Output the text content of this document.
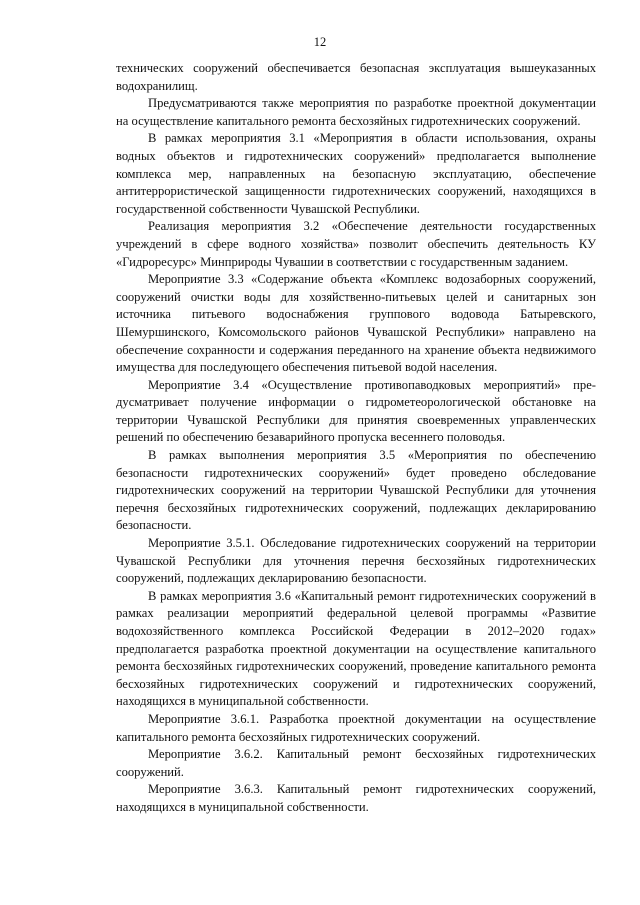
12

технических сооружений обеспечивается безопасная эксплуатация вышеуказанных водохранилищ.

Предусматриваются также мероприятия по разработке проектной документации на осуществление капитального ремонта бесхозяйных гидротехнических сооружений.

В рамках мероприятия 3.1 «Мероприятия в области использования, охраны водных объектов и гидротехнических сооружений» предполагается выполнение комплекса мер, направленных на безопасную эксплуатацию, обеспечение антитеррористической защищенности гидротехнических сооружений, находящихся в государственной собственности Чувашской Республики.

Реализация мероприятия 3.2 «Обеспечение деятельности государственных учреждений в сфере водного хозяйства» позволит обеспечить деятельность КУ «Гидроресурс» Минприроды Чувашии в соответствии с государственным заданием.

Мероприятие 3.3 «Содержание объекта «Комплекс водозаборных сооружений, сооружений очистки воды для хозяйственно-питьевых целей и санитарных зон источника питьевого водоснабжения группового водовода Батыревского, Шемуршинского, Комсомольского районов Чувашской Республики» направлено на обеспечение сохранности и содержания переданного на хранение объекта недвижимого имущества для последующего обеспечения питьевой водой населения.

Мероприятие 3.4 «Осуществление противопаводковых мероприятий» предусматривает получение информации о гидрометеорологической обстановке на территории Чувашской Республики для принятия своевременных управленческих решений по обеспечению безаварийного пропуска весеннего половодья.

В рамках выполнения мероприятия 3.5 «Мероприятия по обеспечению безопасности гидротехнических сооружений» будет проведено обследование гидротехнических сооружений на территории Чувашской Республики для уточнения перечня бесхозяйных гидротехнических сооружений, подлежащих декларированию безопасности.

Мероприятие 3.5.1. Обследование гидротехнических сооружений на территории Чувашской Республики для уточнения перечня бесхозяйных гидротехнических сооружений, подлежащих декларированию безопасности.

В рамках мероприятия 3.6 «Капитальный ремонт гидротехнических сооружений в рамках реализации мероприятий федеральной целевой программы «Развитие водохозяйственного комплекса Российской Федерации в 2012–2020 годах» предполагается разработка проектной документации на осуществление капитального ремонта бесхозяйных гидротехнических сооружений, проведение капитального ремонта бесхозяйных гидротехнических сооружений и гидротехнических сооружений, находящихся в муниципальной собственности.

Мероприятие 3.6.1. Разработка проектной документации на осуществление капитального ремонта бесхозяйных гидротехнических сооружений.

Мероприятие 3.6.2. Капитальный ремонт бесхозяйных гидротехнических сооружений.

Мероприятие 3.6.3. Капитальный ремонт гидротехнических сооружений, находящихся в муниципальной собственности.
